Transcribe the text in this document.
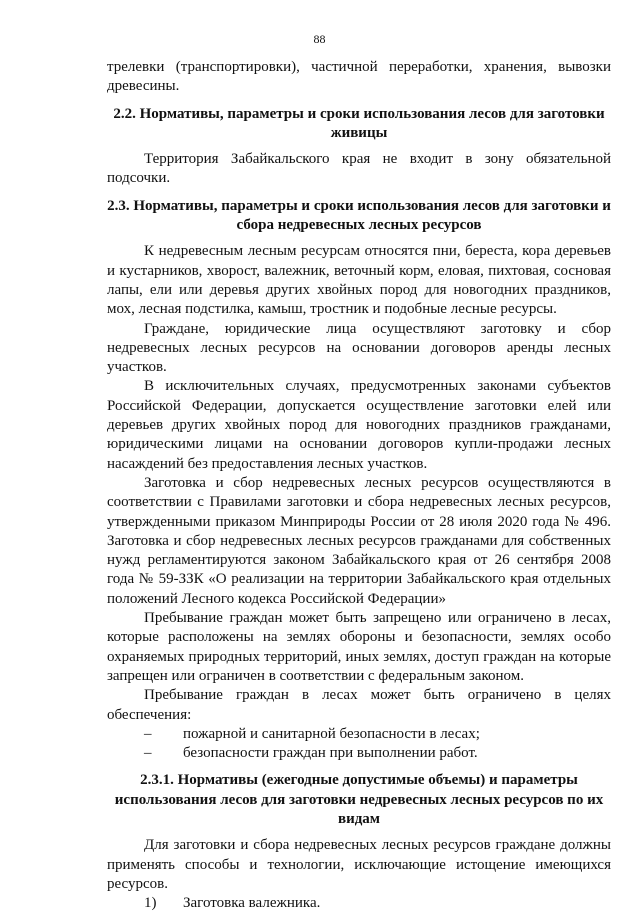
88

трелевки (транспортировки), частичной переработки, хранения, вывозки древесины.

2.2. Нормативы, параметры и сроки использования лесов для заготовки живицы

Территория Забайкальского края не входит в зону обязательной подсочки.

2.3. Нормативы, параметры и сроки использования лесов для заготовки и сбора недревесных лесных ресурсов

К недревесным лесным ресурсам относятся пни, береста, кора деревьев и кустарников, хворост, валежник, веточный корм, еловая, пихтовая, сосновая лапы, ели или деревья других хвойных пород для новогодних праздников, мох, лесная подстилка, камыш, тростник и подобные лесные ресурсы.

Граждане, юридические лица осуществляют заготовку и сбор недревесных лесных ресурсов на основании договоров аренды лесных участков.

В исключительных случаях, предусмотренных законами субъектов Российской Федерации, допускается осуществление заготовки елей или деревьев других хвойных пород для новогодних праздников гражданами, юридическими лицами на основании договоров купли-продажи лесных насаждений без предоставления лесных участков.

Заготовка и сбор недревесных лесных ресурсов осуществляются в соответствии с Правилами заготовки и сбора недревесных лесных ресурсов, утвержденными приказом Минприроды России от 28 июля 2020 года № 496. Заготовка и сбор недревесных лесных ресурсов гражданами для собственных нужд регламентируются законом Забайкальского края от 26 сентября 2008 года № 59-ЗЗК «О реализации на территории Забайкальского края отдельных положений Лесного кодекса Российской Федерации»

Пребывание граждан может быть запрещено или ограничено в лесах, которые расположены на землях обороны и безопасности, землях особо охраняемых природных территорий, иных землях, доступ граждан на которые запрещен или ограничен в соответствии с федеральным законом.

Пребывание граждан в лесах может быть ограничено в целях обеспечения:

– пожарной и санитарной безопасности в лесах;

– безопасности граждан при выполнении работ.

2.3.1. Нормативы (ежегодные допустимые объемы) и параметры использования лесов для заготовки недревесных лесных ресурсов по их видам

Для заготовки и сбора недревесных лесных ресурсов граждане должны применять способы и технологии, исключающие истощение имеющихся ресурсов.

1) Заготовка валежника.
